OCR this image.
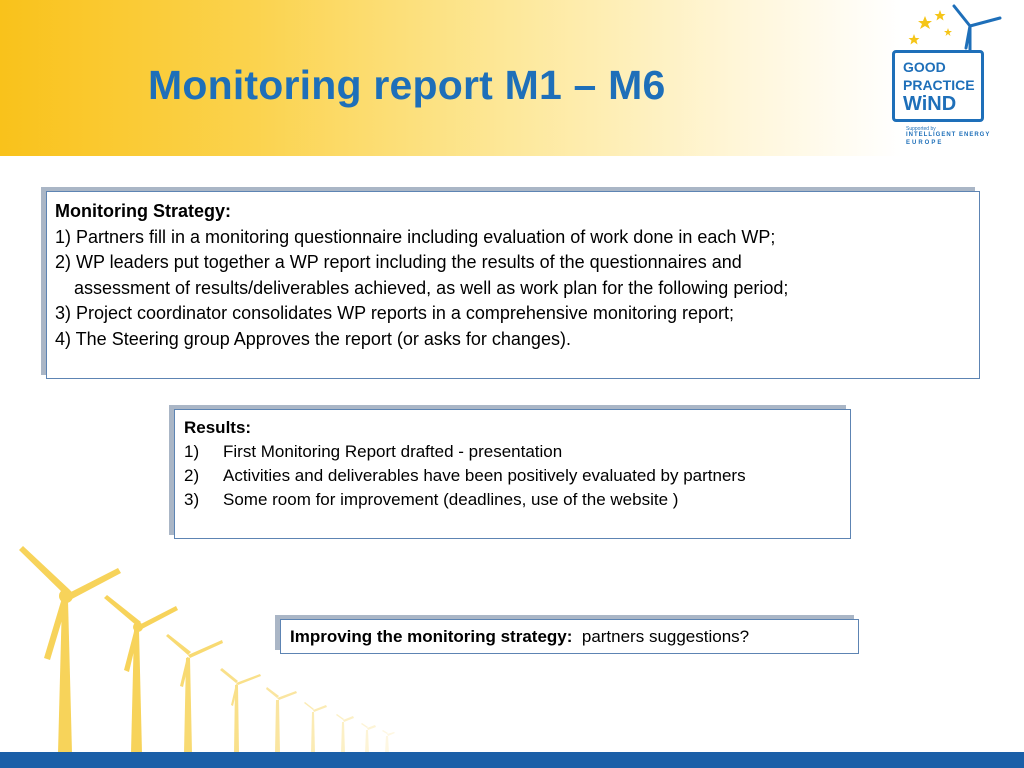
Monitoring report M1 – M6	GOOD
PRACTICE
WiND
Supported by
INTELLIGENT ENERGY
EUROPE
Monitoring Strategy:
1) Partners fill in a monitoring questionnaire including evaluation of work done in each WP;
2) WP leaders put together a WP report including the results of the questionnaires and
assessment of results/deliverables achieved, as well as work plan for the following period;
3) Project coordinator consolidates WP reports in a comprehensive monitoring report;
4) The Steering group Approves the report (or asks for changes).
Results:
1)	First Monitoring Report drafted - presentation
2)	Activities and deliverables have been positively evaluated by partners
3)	Some room for improvement (deadlines, use of the website )
Improving the monitoring strategy: partners suggestions?
